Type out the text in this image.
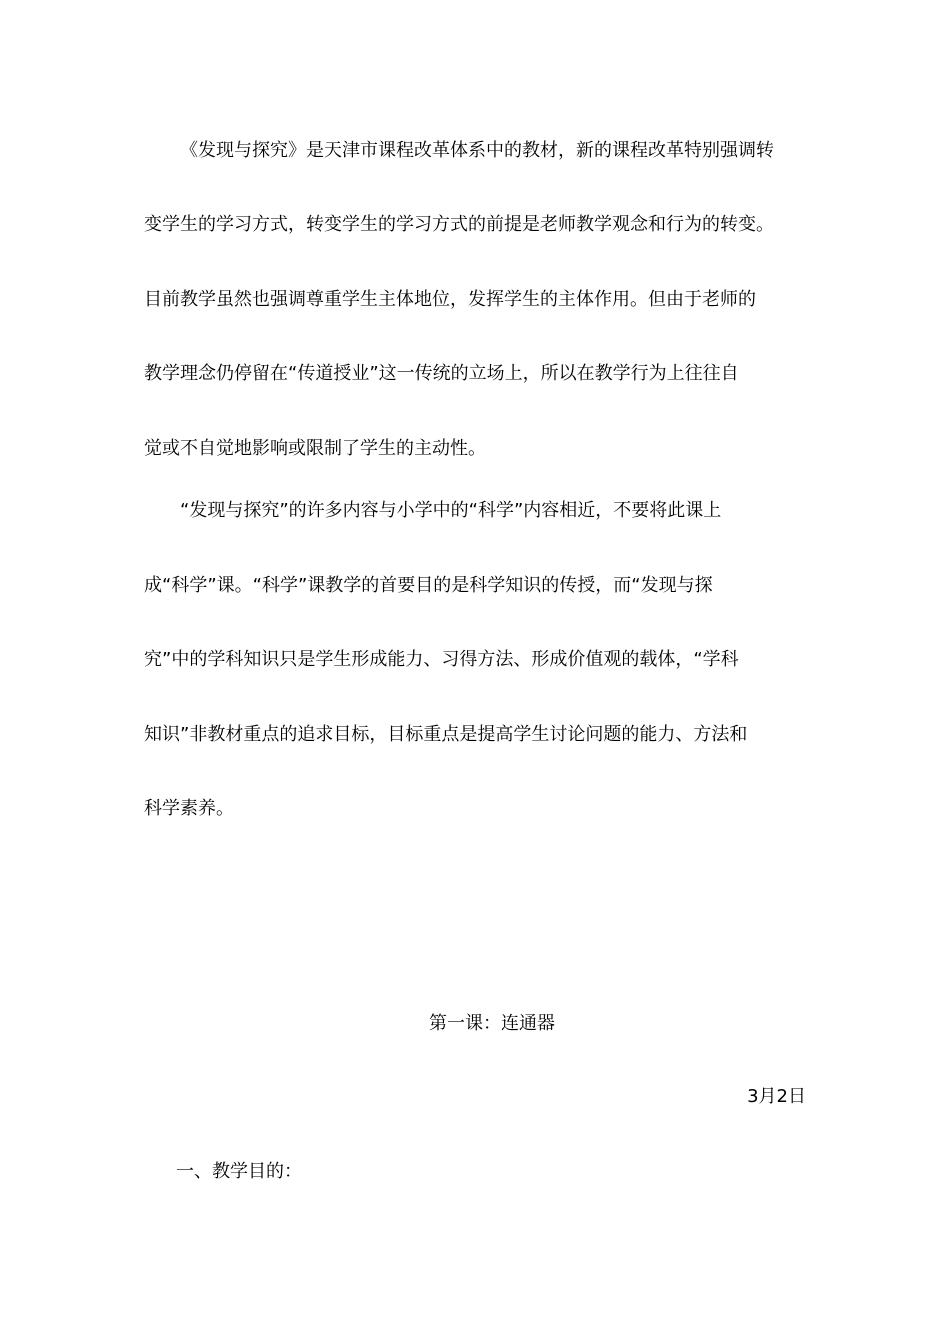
《发现与探究》是天津市课程改革体系中的教材，新的课程改革特别强调转
变学生的学习方式，转变学生的学习方式的前提是老师教学观念和行为的转变。
目前教学虽然也强调尊重学生主体地位，发挥学生的主体作用。但由于老师的
教学理念仍停留在“传道授业”这一传统的立场上，所以在教学行为上往往自
觉或不自觉地影响或限制了学生的主动性。
“发现与探究”的许多内容与小学中的“科学”内容相近，不要将此课上
成“科学”课。“科学”课教学的首要目的是科学知识的传授，而“发现与探
究”中的学科知识只是学生形成能力、习得方法、形成价值观的载体，“学科
知识”非教材重点的追求目标，目标重点是提高学生讨论问题的能力、方法和
科学素养。
第一课：连通器
3月2日
一、教学目的：
